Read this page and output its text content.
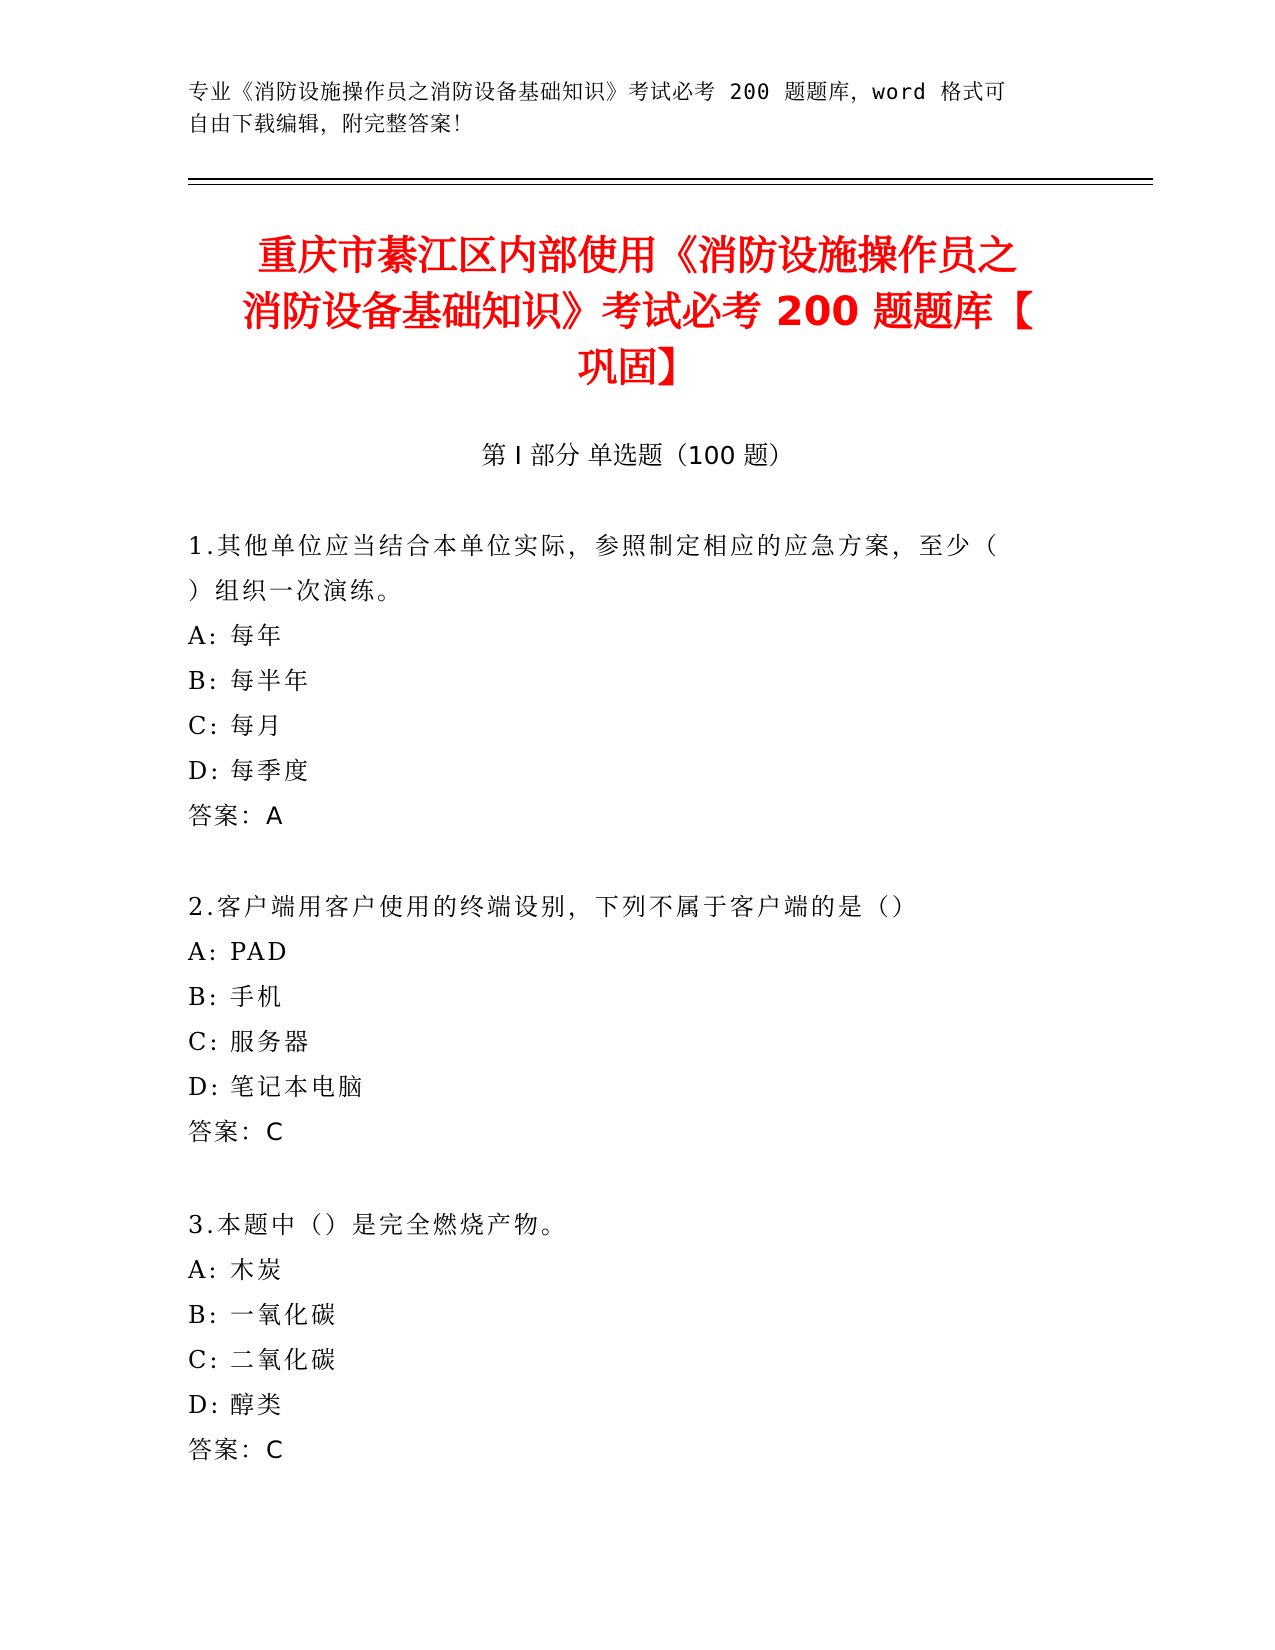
专业《消防设施操作员之消防设备基础知识》考试必考 200 题题库，word 格式可
自由下载编辑，附完整答案！
重庆市綦江区内部使用《消防设施操作员之
消防设备基础知识》考试必考 200 题题库【
巩固】
第 I 部分 单选题（100 题）

1.其他单位应当结合本单位实际，参照制定相应的应急方案，至少（
）组织一次演练。

A: 每年

B: 每半年

C: 每月

D: 每季度

答案：A

2.客户端用客户使用的终端设别，下列不属于客户端的是（）

A: PAD

B: 手机

C: 服务器

D: 笔记本电脑

答案：C

3.本题中（）是完全燃烧产物。

A: 木炭

B: 一氧化碳

C: 二氧化碳

D: 醇类

答案：C
